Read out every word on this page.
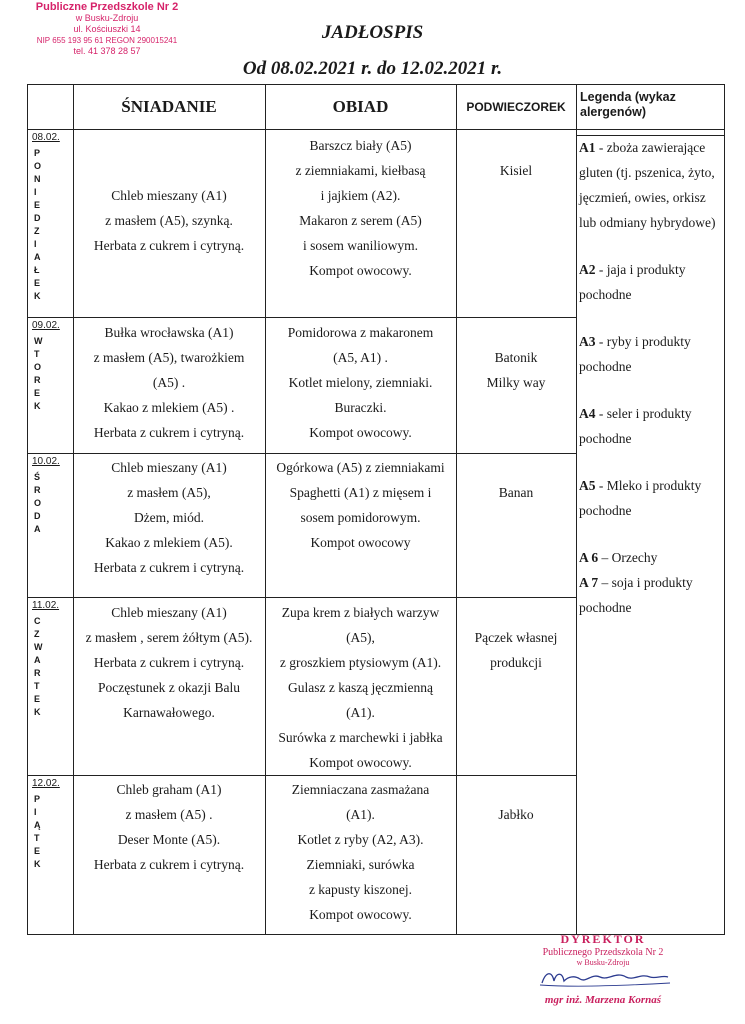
Publiczne Przedszkole Nr 2
w Busku-Zdroju
ul. Kościuszki 14
NIP 655 193 95 61 REGON 290015241
tel. 41 378 28 57
JADŁOSPIS
Od 08.02.2021 r. do 12.02.2021 r.
ŚNIADANIE	OBIAD	PODWIECZOREK
Legenda (wykaz alergenów)
08.02.
P
O
N
I
E
D
Z
I
A
Ł
E
K
Chleb mieszany (A1)
z masłem (A5), szynką.
Herbata z cukrem i cytryną.
Barszcz biały (A5)
z ziemniakami, kiełbasą
i jajkiem (A2).
Makaron z serem (A5)
i sosem waniliowym.
Kompot owocowy.
Kisiel
09.02.
W
T
O
R
E
K
Bułka wrocławska (A1)
z masłem (A5), twarożkiem
(A5) .
Kakao z mlekiem (A5) .
Herbata z cukrem i cytryną.
Pomidorowa z makaronem
(A5, A1) .
Kotlet mielony, ziemniaki.
Buraczki.
Kompot owocowy.
Batonik
Milky way
10.02.
Ś
R
O
D
A
Chleb mieszany (A1)
z masłem (A5),
Dżem, miód.
Kakao z mlekiem (A5).
Herbata z cukrem i cytryną.
Ogórkowa (A5) z ziemniakami
Spaghetti (A1) z mięsem i
sosem pomidorowym.
Kompot owocowy
Banan
11.02.
C
Z
W
A
R
T
E
K
Chleb mieszany (A1)
z masłem , serem żółtym (A5).
Herbata z cukrem i cytryną.
Poczęstunek z okazji Balu
Karnawałowego.
Zupa krem z białych warzyw
(A5),
z groszkiem ptysiowym (A1).
Gulasz z kaszą jęczmienną
(A1).
Surówka z marchewki i jabłka
Kompot owocowy.
Pączek własnej
produkcji
12.02.
P
I
Ą
T
E
K
Chleb graham (A1)
z masłem (A5) .
Deser Monte (A5).
Herbata z cukrem i cytryną.
Ziemniaczana zasmażana
(A1).
Kotlet z ryby (A2, A3).
Ziemniaki, surówka
z kapusty kiszonej.
Kompot owocowy.
Jabłko
A1 - zboża zawierające gluten (tj. pszenica, żyto, jęczmień, owies, orkisz lub odmiany hybrydowe)
A2 - jaja i produkty pochodne
A3 - ryby i produkty pochodne
A4 - seler i produkty pochodne
A5 - Mleko i produkty pochodne
A 6 – Orzechy
A 7 – soja i produkty pochodne
DYREKTOR
Publicznego Przedszkola Nr 2
w Busku-Zdroju
mgr inż. Marzena Kornaś
